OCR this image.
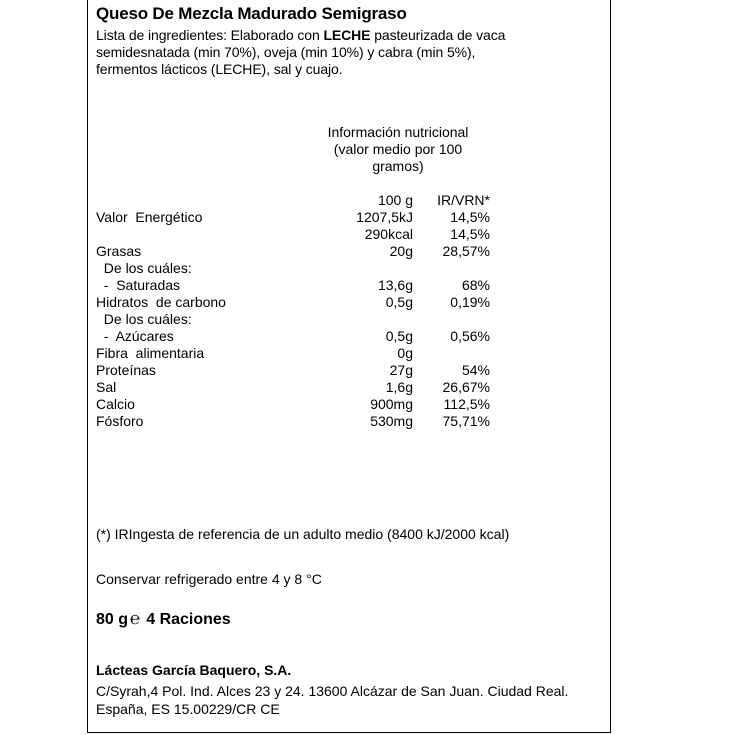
Queso De Mezcla Madurado Semigraso
Lista de ingredientes: Elaborado con LECHE pasteurizada de vaca semidesnatada (min 70%), oveja (min 10%) y cabra (min 5%), fermentos lácticos (LECHE), sal y cuajo.
Información nutricional
(valor medio por 100
gramos)
100 g IR/VRN*
Valor  Energético	1207,5kJ	14,5%
290kcal	14,5%
Grasas	20g 28,57%
De los cuáles:
-  Saturadas	13,6g	68%
Hidratos  de carbono	0,5g	0,19%
De los cuáles:
-  Azúcares	0,5g	0,56%
Fibra  alimentaria	0g
Proteínas	27g	54%
Sal	1,6g 26,67%
Calcio	900mg 112,5%
Fósforo	530mg 75,71%
(*) IRIngesta de referencia de un adulto medio (8400 kJ/2000 kcal)
Conservar refrigerado entre 4 y 8 °C
80 g ℮ 4 Raciones
Lácteas García Baquero, S.A.
C/Syrah,4 Pol. Ind. Alces 23 y 24. 13600 Alcázar de San Juan. Ciudad Real. España, ES 15.00229/CR CE
